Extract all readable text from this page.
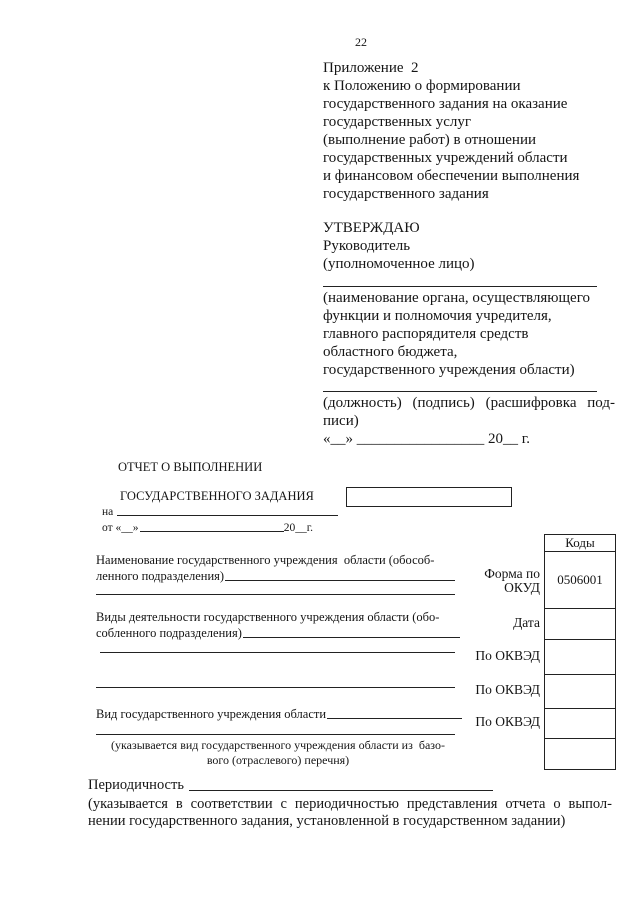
22
Приложение  2
к Положению о формировании
государственного задания на оказание
государственных услуг
(выполнение работ) в отношении
государственных учреждений области
и финансовом обеспечении выполнения
государственного задания
УТВЕРЖДАЮ
Руководитель
(уполномоченное лицо)
(наименование органа, осуществляющего
функции и полномочия учредителя,
главного распорядителя средств
областного бюджета,
государственного учреждения области)
(должность) (подпись) (расшифровка под-
писи)
«__» _________________ 20__ г.
ОТЧЕТ О ВЫПОЛНЕНИИ
ГОСУДАРСТВЕННОГО ЗАДАНИЯ
на
от «__»	20__г.
Коды
0506001
Форма по
ОКУД
Дата
По ОКВЭД
По ОКВЭД
По ОКВЭД
Наименование государственного учреждения  области (обособ-
ленного подразделения)
Виды деятельности государственного учреждения области (обо-
собленного подразделения)
Вид государственного учреждения области
(указывается вид государственного учреждения области из  базо-
вого (отраслевого) перечня)
Периодичность
(указывается в соответствии с периодичностью представления отчета о выпол-
нении государственного задания, установленной в государственном задании)
